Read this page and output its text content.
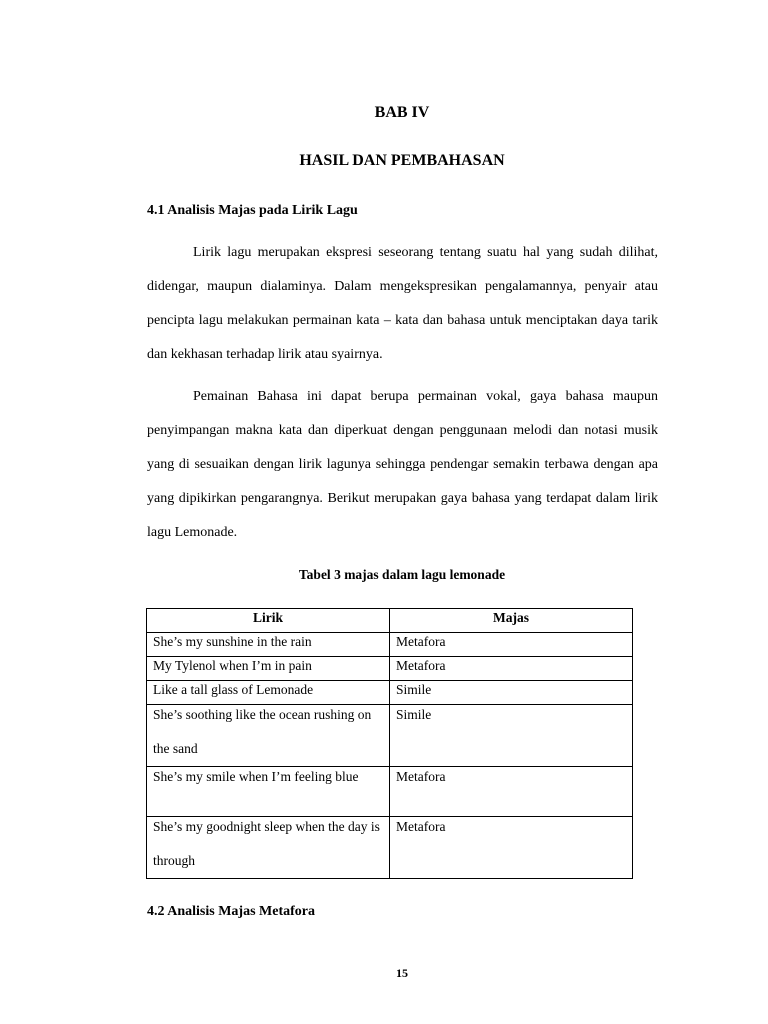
BAB IV
HASIL DAN PEMBAHASAN
4.1 Analisis Majas pada Lirik Lagu

Lirik lagu merupakan ekspresi seseorang tentang suatu hal yang sudah dilihat, didengar, maupun dialaminya. Dalam mengekspresikan pengalamannya, penyair atau pencipta lagu melakukan permainan kata – kata dan bahasa untuk menciptakan daya tarik dan kekhasan terhadap lirik atau syairnya.

Pemainan Bahasa ini dapat berupa permainan vokal, gaya bahasa maupun penyimpangan makna kata dan diperkuat dengan penggunaan melodi dan notasi musik yang di sesuaikan dengan lirik lagunya sehingga pendengar semakin terbawa dengan apa yang dipikirkan pengarangnya. Berikut merupakan gaya bahasa yang terdapat dalam lirik lagu Lemonade.

Tabel 3 majas dalam lagu lemonade
Lirik	Majas
She’s my sunshine in the rain	Metafora
My Tylenol when I’m in pain	Metafora
Like a tall glass of Lemonade	Simile

She’s soothing like the ocean rushing on the sand	Simile

She’s my smile when I’m feeling blue	Metafora

She’s my goodnight sleep when the day is through	Metafora
4.2 Analisis Majas Metafora
15
